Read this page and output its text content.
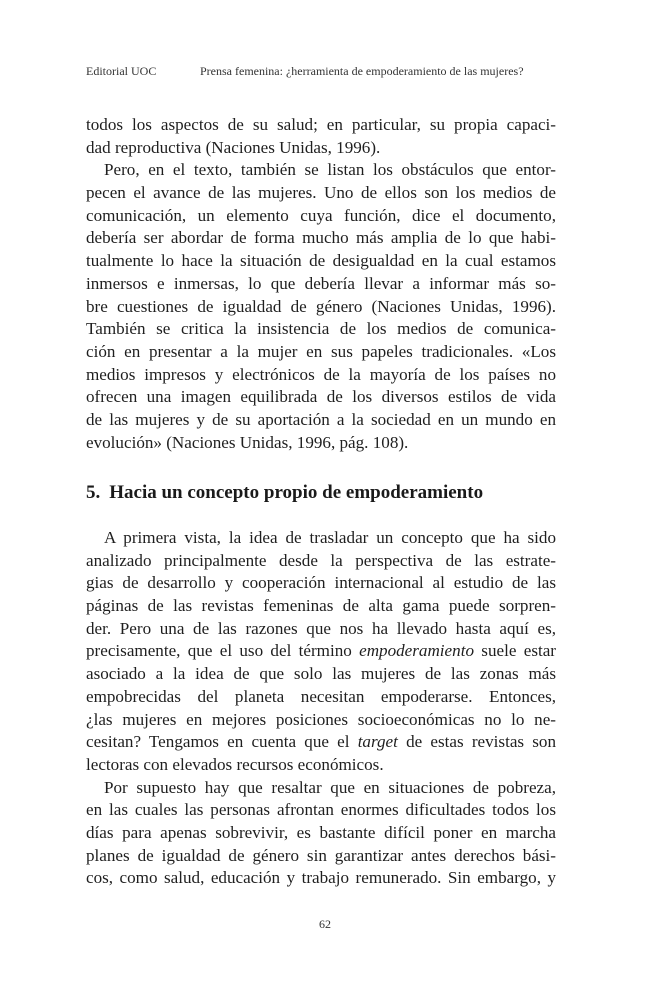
Editorial UOC	Prensa femenina: ¿herramienta de empoderamiento de las mujeres?
todos los aspectos de su salud; en particular, su propia capaci-
dad reproductiva (Naciones Unidas, 1996).
Pero, en el texto, también se listan los obstáculos que entor-
pecen el avance de las mujeres. Uno de ellos son los medios de
comunicación, un elemento cuya función, dice el documento,
debería ser abordar de forma mucho más amplia de lo que habi-
tualmente lo hace la situación de desigualdad en la cual estamos
inmersos e inmersas, lo que debería llevar a informar más so-
bre cuestiones de igualdad de género (Naciones Unidas, 1996).
También se critica la insistencia de los medios de comunica-
ción en presentar a la mujer en sus papeles tradicionales. «Los
medios impresos y electrónicos de la mayoría de los países no
ofrecen una imagen equilibrada de los diversos estilos de vida
de las mujeres y de su aportación a la sociedad en un mundo en
evolución» (Naciones Unidas, 1996, pág. 108).
5. Hacia un concepto propio de empoderamiento
A primera vista, la idea de trasladar un concepto que ha sido
analizado principalmente desde la perspectiva de las estrate-
gias de desarrollo y cooperación internacional al estudio de las
páginas de las revistas femeninas de alta gama puede sorpren-
der. Pero una de las razones que nos ha llevado hasta aquí es,
precisamente, que el uso del término empoderamiento suele estar
asociado a la idea de que solo las mujeres de las zonas más
empobrecidas del planeta necesitan empoderarse. Entonces,
¿las mujeres en mejores posiciones socioeconómicas no lo ne-
cesitan? Tengamos en cuenta que el target de estas revistas son
lectoras con elevados recursos económicos.
Por supuesto hay que resaltar que en situaciones de pobreza,
en las cuales las personas afrontan enormes dificultades todos los
días para apenas sobrevivir, es bastante difícil poner en marcha
planes de igualdad de género sin garantizar antes derechos bási-
cos, como salud, educación y trabajo remunerado. Sin embargo, y
62
